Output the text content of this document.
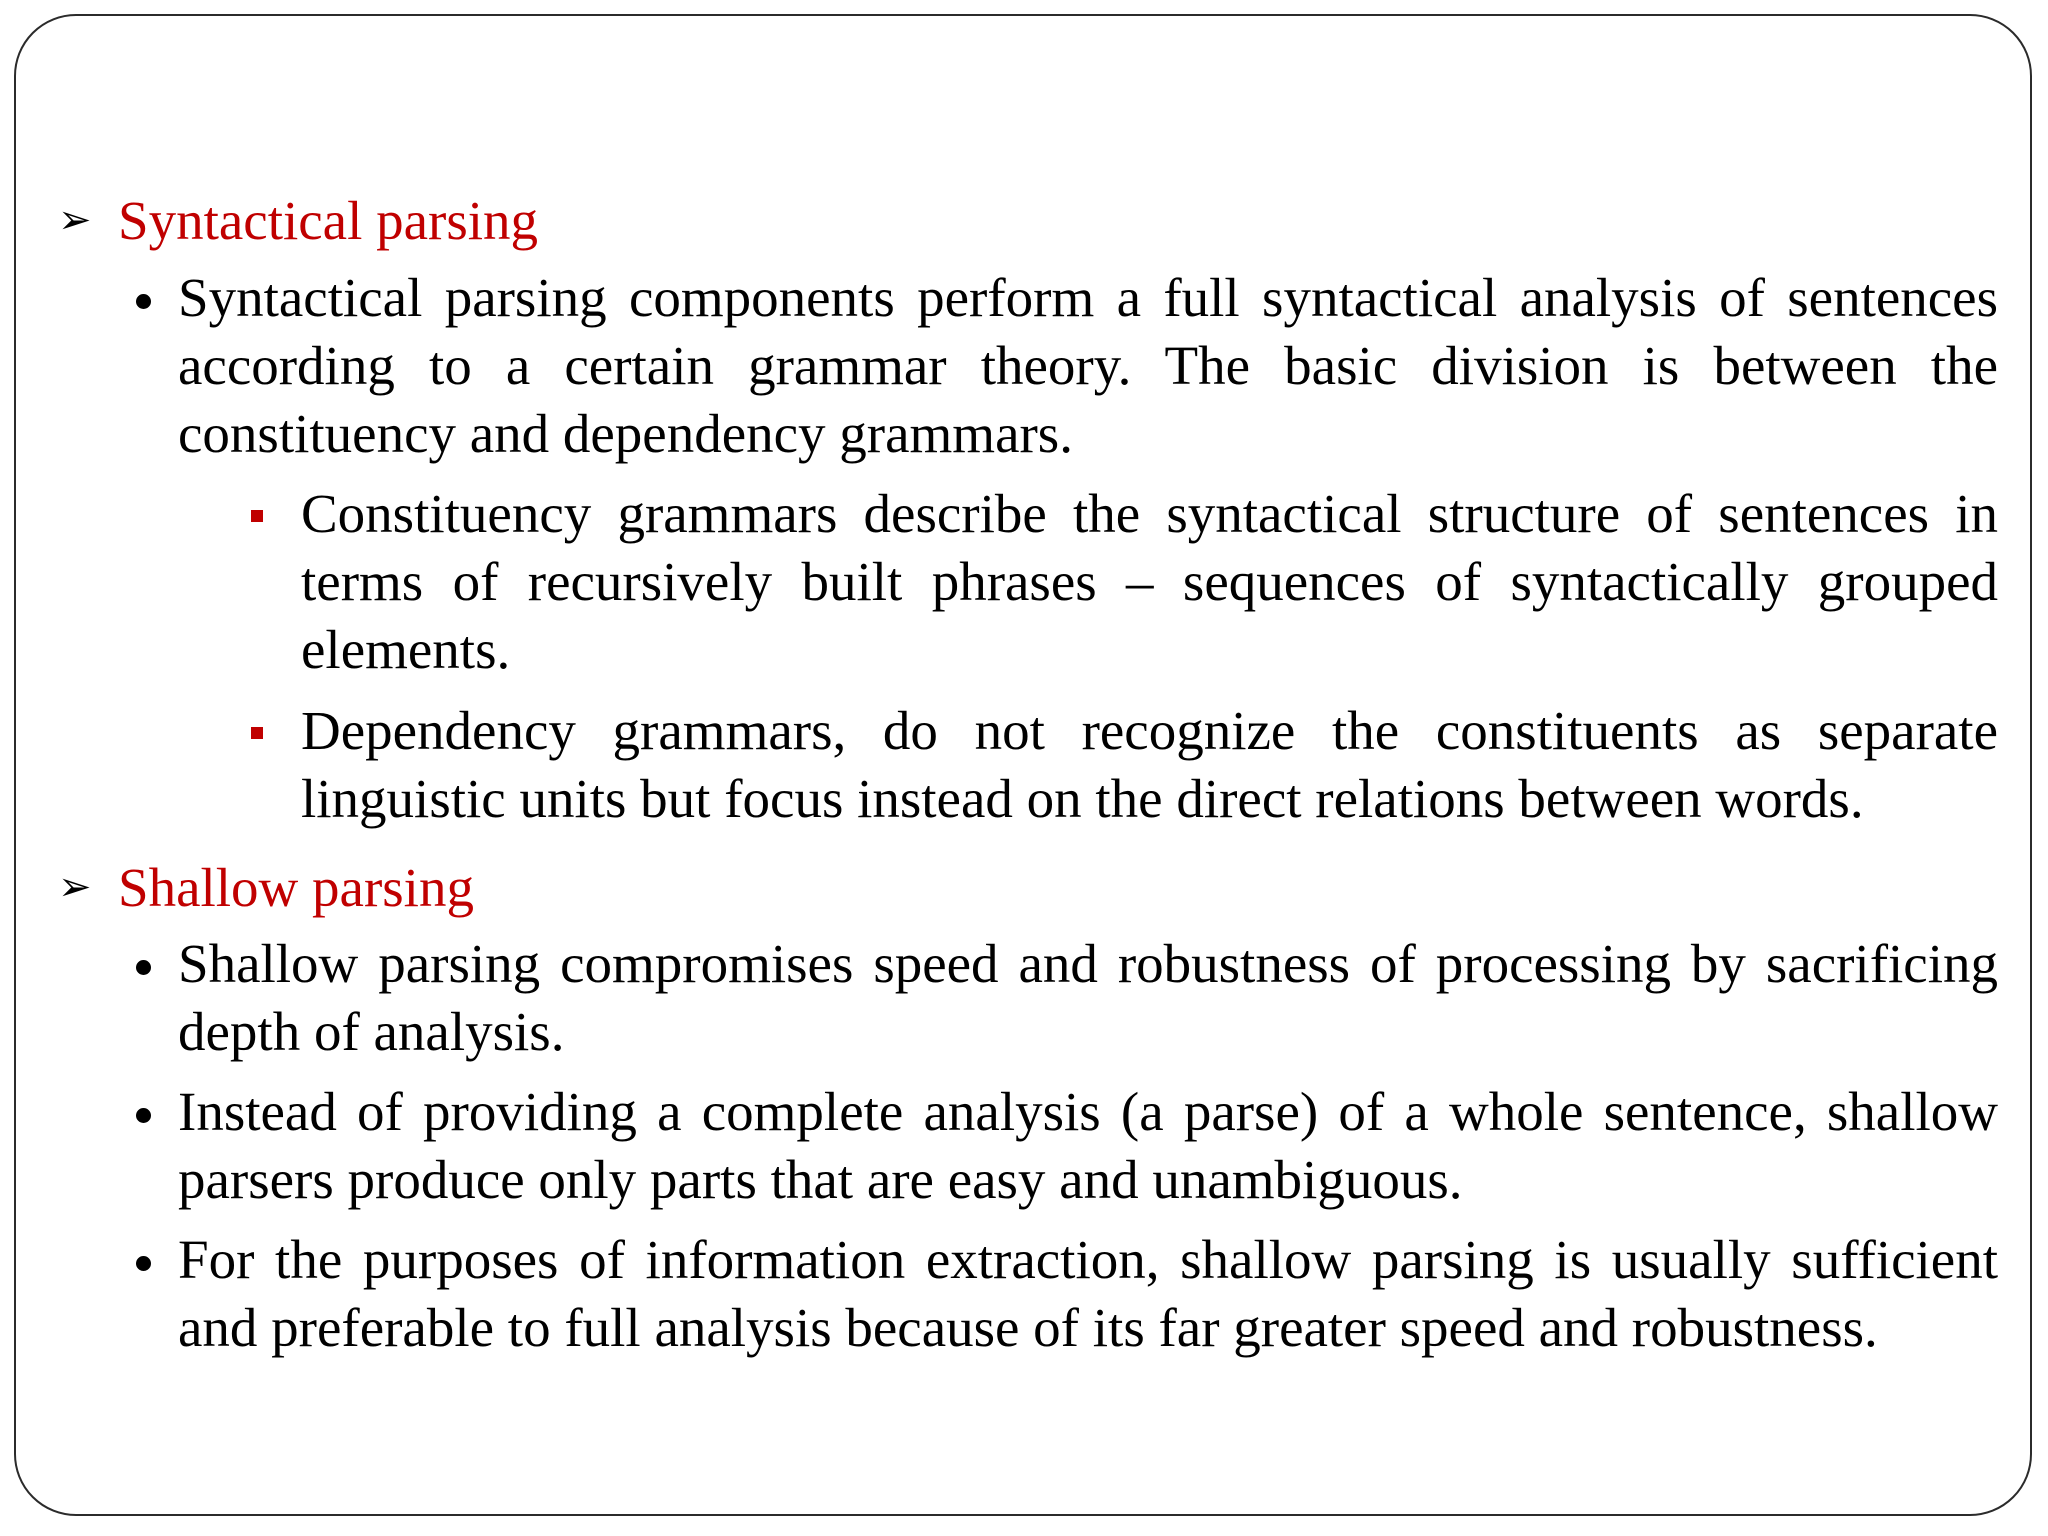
➢ Syntactical parsing
Syntactical parsing components perform a full syntactical analysis of sentences according to a certain grammar theory. The basic division is between the constituency and dependency grammars.
Constituency grammars describe the syntactical structure of sentences in terms of recursively built phrases – sequences of syntactically grouped elements.
Dependency grammars, do not recognize the constituents as separate linguistic units but focus instead on the direct relations between words.
➢ Shallow parsing
Shallow parsing compromises speed and robustness of processing by sacrificing depth of analysis.
Instead of providing a complete analysis (a parse) of a whole sentence, shallow parsers produce only parts that are easy and unambiguous.
For the purposes of information extraction, shallow parsing is usually sufficient and preferable to full analysis because of its far greater speed and robustness.
